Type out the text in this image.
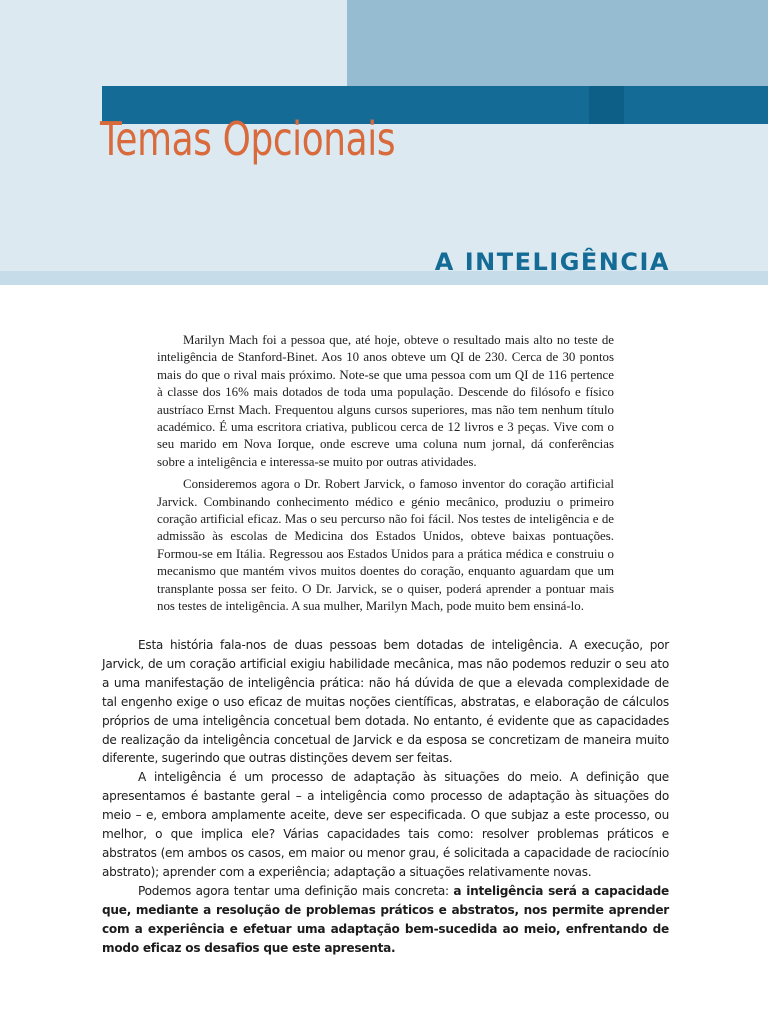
Temas Opcionais
A INTELIGÊNCIA

Marilyn Mach foi a pessoa que, até hoje, obteve o resultado mais alto no teste de inteligência de Stanford-Binet. Aos 10 anos obteve um QI de 230. Cerca de 30 pontos mais do que o rival mais próximo. Note-se que uma pessoa com um QI de 116 pertence à classe dos 16% mais dotados de toda uma população. Descende do filósofo e físico austríaco Ernst Mach. Frequentou alguns cursos superiores, mas não tem nenhum título académico. É uma escritora criativa, publicou cerca de 12 livros e 3 peças. Vive com o seu marido em Nova Iorque, onde escreve uma coluna num jornal, dá conferências sobre a inteligência e interessa-se muito por outras atividades.

Consideremos agora o Dr. Robert Jarvick, o famoso inventor do coração artificial Jarvick. Combinando conhecimento médico e génio mecânico, produziu o primeiro coração artificial eficaz. Mas o seu percurso não foi fácil. Nos testes de inteligência e de admissão às escolas de Medicina dos Estados Unidos, obteve baixas pontuações. Formou-se em Itália. Regressou aos Estados Unidos para a prática médica e construiu o mecanismo que mantém vivos muitos doentes do coração, enquanto aguardam que um transplante possa ser feito. O Dr. Jarvick, se o quiser, poderá aprender a pontuar mais nos testes de inteligência. A sua mulher, Marilyn Mach, pode muito bem ensiná-lo.

Esta história fala-nos de duas pessoas bem dotadas de inteligência. A execução, por Jarvick, de um coração artificial exigiu habilidade mecânica, mas não podemos reduzir o seu ato a uma manifestação de inteligência prática: não há dúvida de que a elevada complexidade de tal engenho exige o uso eficaz de muitas noções científicas, abstratas, e elaboração de cálculos próprios de uma inteligência concetual bem dotada. No entanto, é evidente que as capacidades de realização da inteligência concetual de Jarvick e da esposa se concretizam de maneira muito diferente, sugerindo que outras distinções devem ser feitas.

A inteligência é um processo de adaptação às situações do meio. A definição que apresentamos é bastante geral – a inteligência como processo de adaptação às situações do meio – e, embora amplamente aceite, deve ser especificada. O que subjaz a este processo, ou melhor, o que implica ele? Várias capacidades tais como: resolver problemas práticos e abstratos (em ambos os casos, em maior ou menor grau, é solicitada a capacidade de raciocínio abstrato); aprender com a experiência; adaptação a situações relativamente novas.

Podemos agora tentar uma definição mais concreta: a inteligência será a capacidade que, mediante a resolução de problemas práticos e abstratos, nos permite aprender com a experiência e efetuar uma adaptação bem-sucedida ao meio, enfrentando de modo eficaz os desafios que este apresenta.
